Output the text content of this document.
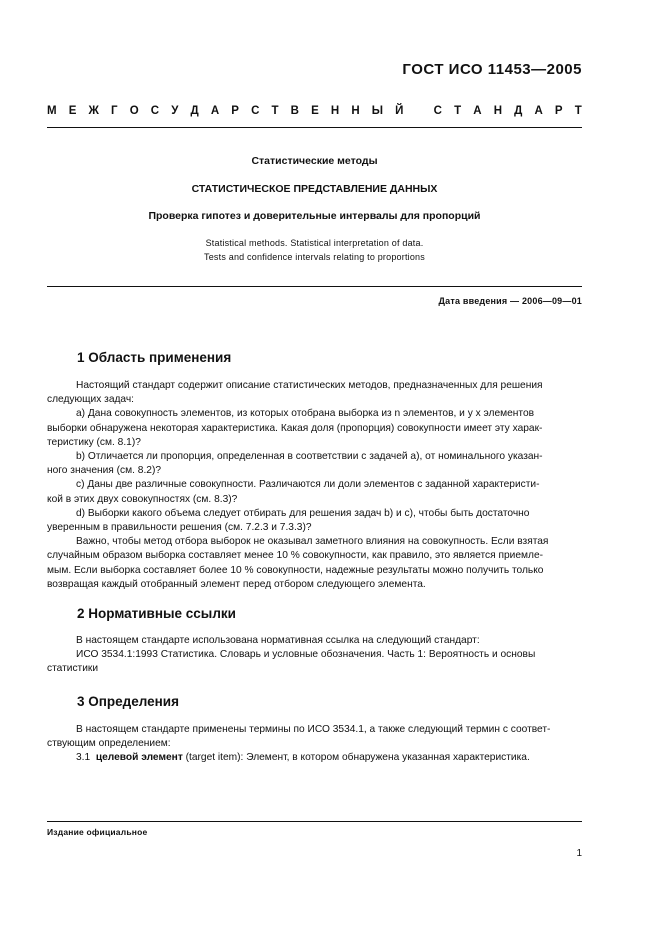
ГОСТ ИСО 11453—2005
М Е Ж Г О С У Д А Р С Т В Е Н Н Ы Й	С Т А Н Д А Р Т
Статистические методы
СТАТИСТИЧЕСКОЕ ПРЕДСТАВЛЕНИЕ ДАННЫХ
Проверка гипотез и доверительные интервалы для пропорций
Statistical methods. Statistical interpretation of data.
Tests and confidence intervals relating to proportions
Дата введения — 2006—09—01
1 Область применения
Настоящий стандарт содержит описание статистических методов, предназначенных для решения
следующих задач:
a) Дана совокупность элементов, из которых отобрана выборка из n элементов, и у x элементов
выборки обнаружена некоторая характеристика. Какая доля (пропорция) совокупности имеет эту харак-
теристику (см. 8.1)?
b) Отличается ли пропорция, определенная в соответствии с задачей a), от номинального указан-
ного значения (см. 8.2)?
c) Даны две различные совокупности. Различаются ли доли элементов с заданной характеристи-
кой в этих двух совокупностях (см. 8.3)?
d) Выборки какого объема следует отбирать для решения задач b) и c), чтобы быть достаточно
уверенным в правильности решения (см. 7.2.3 и 7.3.3)?
Важно, чтобы метод отбора выборок не оказывал заметного влияния на совокупность. Если взятая
случайным образом выборка составляет менее 10 % совокупности, как правило, это является приемле-
мым. Если выборка составляет более 10 % совокупности, надежные результаты можно получить только
возвращая каждый отобранный элемент перед отбором следующего элемента.
2 Нормативные ссылки
В настоящем стандарте использована нормативная ссылка на следующий стандарт:
ИСО 3534.1:1993 Статистика. Словарь и условные обозначения. Часть 1: Вероятность и основы
статистики
3 Определения
В настоящем стандарте применены термины по ИСО 3534.1, а также следующий термин с соответ-
ствующим определением:
3.1 целевой элемент (target item): Элемент, в котором обнаружена указанная характеристика.
Издание официальное
1
